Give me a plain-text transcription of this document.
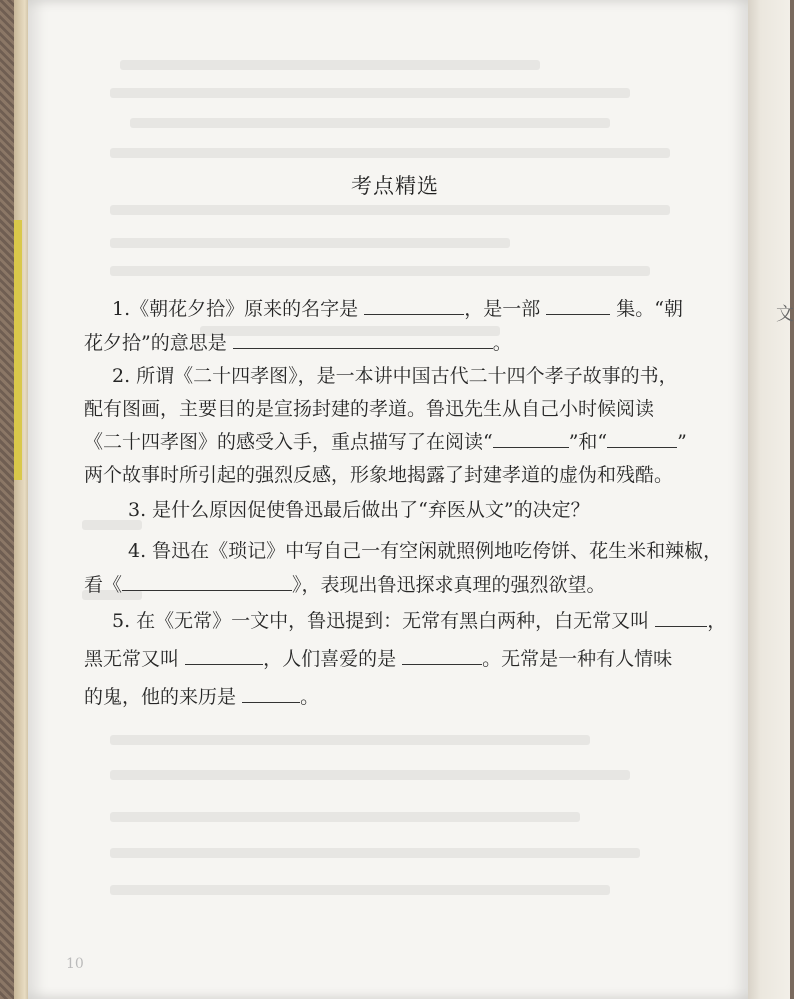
文
考点精选
1.《朝花夕拾》原来的名字是	，是一部	集。“朝
花夕拾”的意思是	。
2. 所谓《二十四孝图》，是一本讲中国古代二十四个孝子故事的书，
配有图画，主要目的是宣扬封建的孝道。鲁迅先生从自己小时候阅读
《二十四孝图》的感受入手，重点描写了在阅读“	”和“	”
两个故事时所引起的强烈反感，形象地揭露了封建孝道的虚伪和残酷。
3. 是什么原因促使鲁迅最后做出了“弃医从文”的决定？
4. 鲁迅在《琐记》中写自己一有空闲就照例地吃侉饼、花生米和辣椒，
看《	》，表现出鲁迅探求真理的强烈欲望。
5. 在《无常》一文中，鲁迅提到：无常有黑白两种，白无常又叫	，
黑无常又叫	，人们喜爱的是	。无常是一种有人情味
的鬼，他的来历是	。
10
